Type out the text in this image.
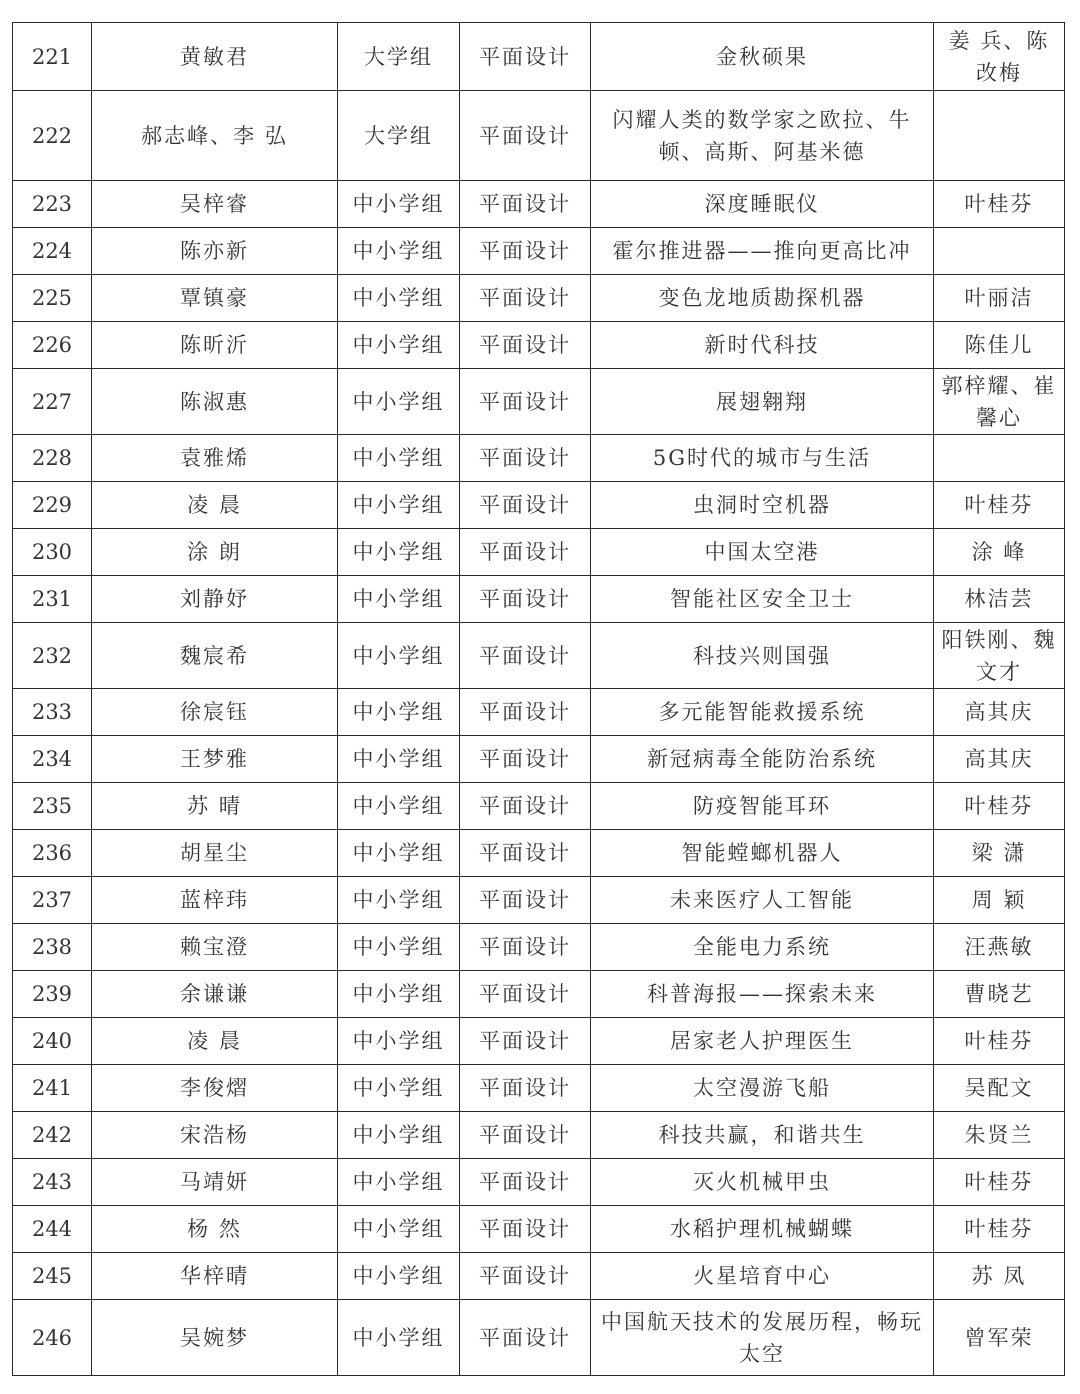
221	黄敏君	大学组	平面设计	金秋硕果	姜 兵、陈改梅
222	郝志峰、李 弘	大学组	平面设计	闪耀人类的数学家之欧拉、牛顿、高斯、阿基米德	
223	吴梓睿	中小学组	平面设计	深度睡眠仪	叶桂芬
224	陈亦新	中小学组	平面设计	霍尔推进器——推向更高比冲	
225	覃镇豪	中小学组	平面设计	变色龙地质勘探机器	叶丽洁
226	陈昕沂	中小学组	平面设计	新时代科技	陈佳儿
227	陈淑惠	中小学组	平面设计	展翅翱翔	郭梓耀、崔馨心
228	袁雅烯	中小学组	平面设计	5G时代的城市与生活	
229	凌 晨	中小学组	平面设计	虫洞时空机器	叶桂芬
230	涂 朗	中小学组	平面设计	中国太空港	涂 峰
231	刘静妤	中小学组	平面设计	智能社区安全卫士	林洁芸
232	魏宸希	中小学组	平面设计	科技兴则国强	阳铁刚、魏文才
233	徐宸钰	中小学组	平面设计	多元能智能救援系统	高其庆
234	王梦雅	中小学组	平面设计	新冠病毒全能防治系统	高其庆
235	苏 晴	中小学组	平面设计	防疫智能耳环	叶桂芬
236	胡星尘	中小学组	平面设计	智能螳螂机器人	梁 潇
237	蓝梓玮	中小学组	平面设计	未来医疗人工智能	周 颖
238	赖宝澄	中小学组	平面设计	全能电力系统	汪燕敏
239	余谦谦	中小学组	平面设计	科普海报——探索未来	曹晓艺
240	凌 晨	中小学组	平面设计	居家老人护理医生	叶桂芬
241	李俊熠	中小学组	平面设计	太空漫游飞船	吴配文
242	宋浩杨	中小学组	平面设计	科技共赢，和谐共生	朱贤兰
243	马靖妍	中小学组	平面设计	灭火机械甲虫	叶桂芬
244	杨 然	中小学组	平面设计	水稻护理机械蝴蝶	叶桂芬
245	华梓晴	中小学组	平面设计	火星培育中心	苏 凤
246	吴婉梦	中小学组	平面设计	中国航天技术的发展历程，畅玩太空	曾军荣
